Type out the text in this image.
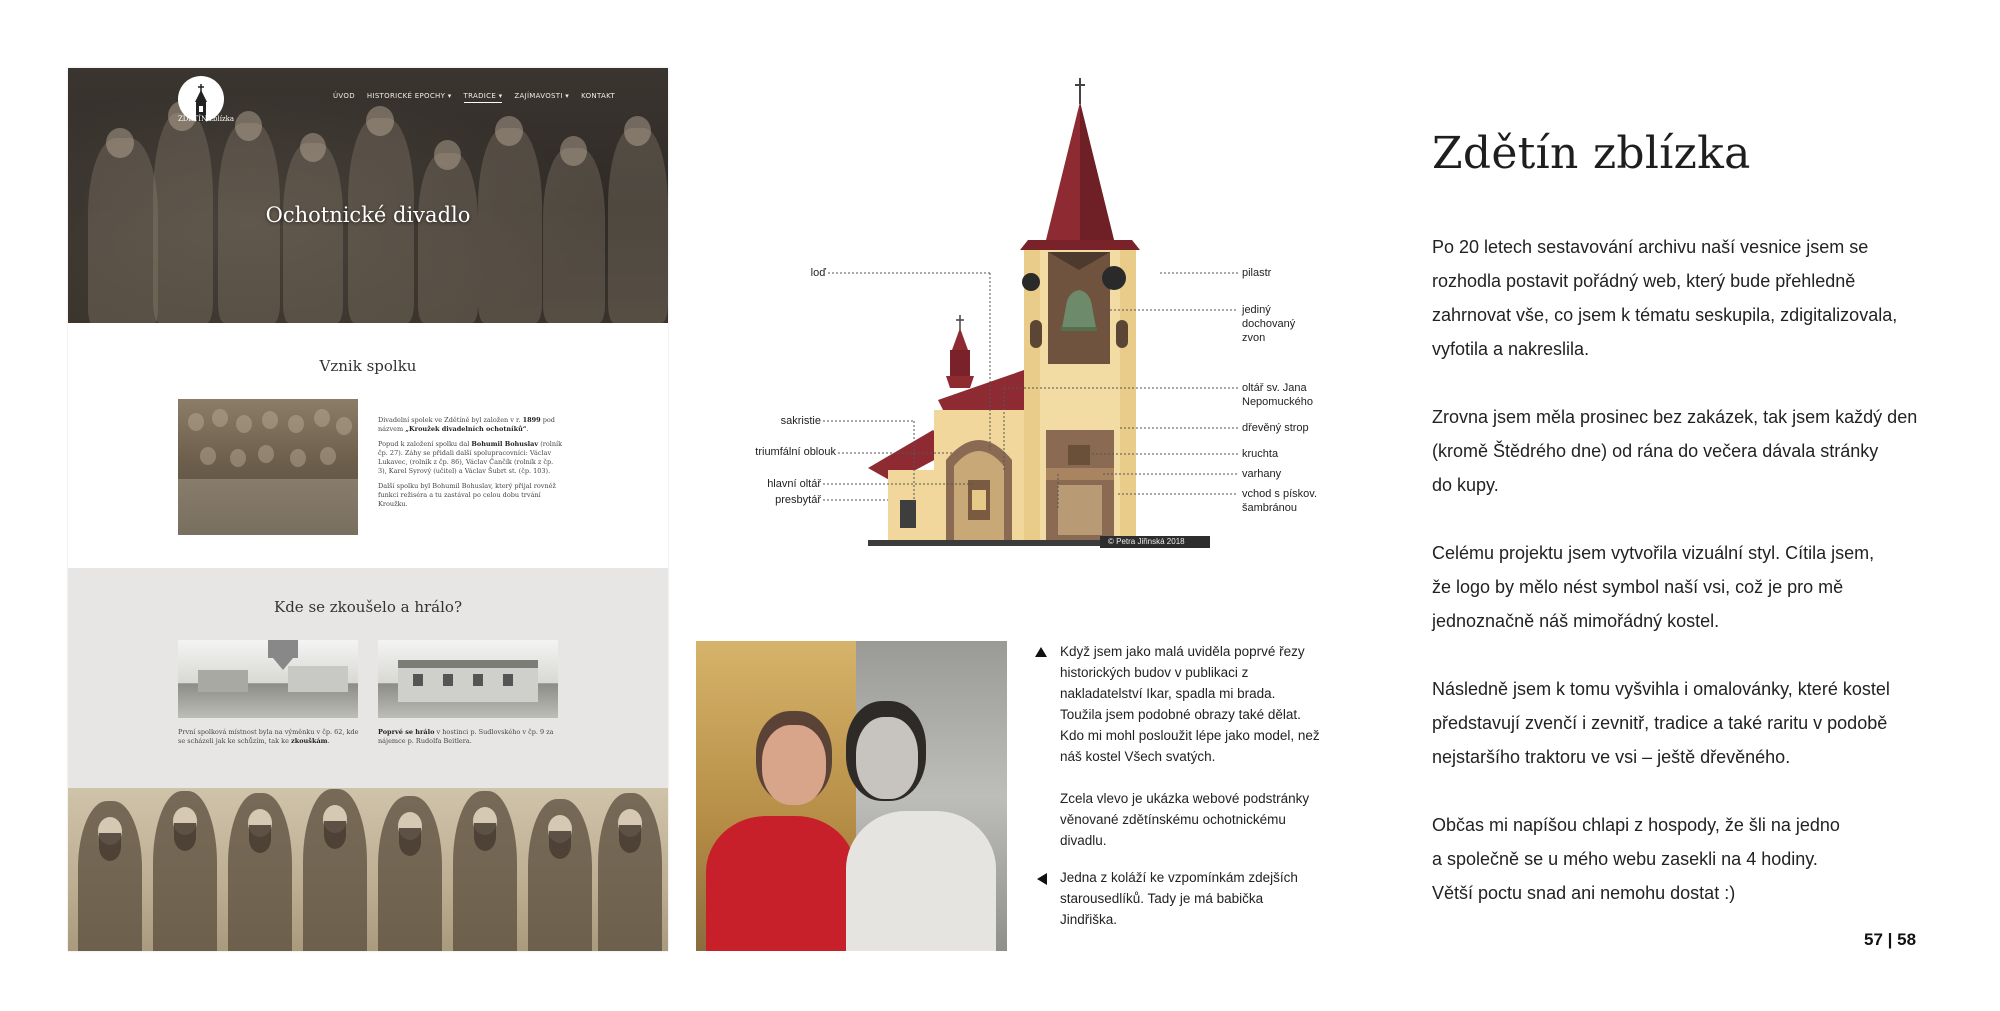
ZDĚTÍN zblízka
ÚVOD HISTORICKÉ EPOCHY ▾ TRADICE ▾ ZAJÍMAVOSTI ▾ KONTAKT
Ochotnické divadlo
Vznik spolku

Divadelní spolek ve Zdětíně byl založen v r. 1899 pod názvem „Kroužek divadelních ochotníků“.

Popud k založení spolku dal Bohumil Bohuslav (rolník čp. 27). Záhy se přidali další spolupracovníci: Václav Lukavec, (rolník z čp. 86), Václav Čančík (rolník z čp. 3), Karel Syrový (učitel) a Václav Šubrt st. (čp. 103).

Další spolku byl Bohumil Bohuslav, který přijal rovněž funkci režiséra a tu zastával po celou dobu trvání Kroužku.

Kde se zkoušelo a hrálo?
První spolková místnost byla na výměnku v čp. 62, kde se scházeli jak ke schůzím, tak ke zkouškám.
Poprvé se hrálo v hostinci p. Sudlovského v čp. 9 za nájemce p. Rudolfa Beitlera.
loď
sakristie
triumfální oblouk
hlavní oltář
presbytář
pilastr
jediný
dochovaný
zvon
oltář sv. Jana
Nepomuckého
dřevěný strop
kruchta
varhany
vchod s pískov.
šambránou
© Petra Jiřinská 2018

Když jsem jako malá uviděla poprvé řezy historických budov v publikaci z nakladatelství Ikar, spadla mi brada. Toužila jsem podobné obrazy také dělat. Kdo mi mohl posloužit lépe jako model, než náš kostel Všech svatých.

Zcela vlevo je ukázka webové podstránky věnované zdětínskému ochotnickému divadlu.

Jedna z koláží ke vzpomínkám zdejších starousedlíků. Tady je má babička Jindřiška.

Zdětín zblízka

Po 20 letech sestavování archivu naší vesnice jsem se
rozhodla postavit pořádný web, který bude přehledně
zahrnovat vše, co jsem k tématu seskupila, zdigitalizovala,
vyfotila a nakreslila.

Zrovna jsem měla prosinec bez zakázek, tak jsem každý den
(kromě Štědrého dne) od rána do večera dávala stránky
do kupy.

Celému projektu jsem vytvořila vizuální styl. Cítila jsem,
že logo by mělo nést symbol naší vsi, což je pro mě
jednoznačně náš mimořádný kostel.

Následně jsem k tomu vyšvihla i omalovánky, které kostel
představují zvenčí i zevnitř, tradice a také raritu v podobě
nejstaršího traktoru ve vsi – ještě dřevěného.

Občas mi napíšou chlapi z hospody, že šli na jedno
a společně se u mého webu zasekli na 4 hodiny.
Větší poctu snad ani nemohu dostat :)

57 | 58
